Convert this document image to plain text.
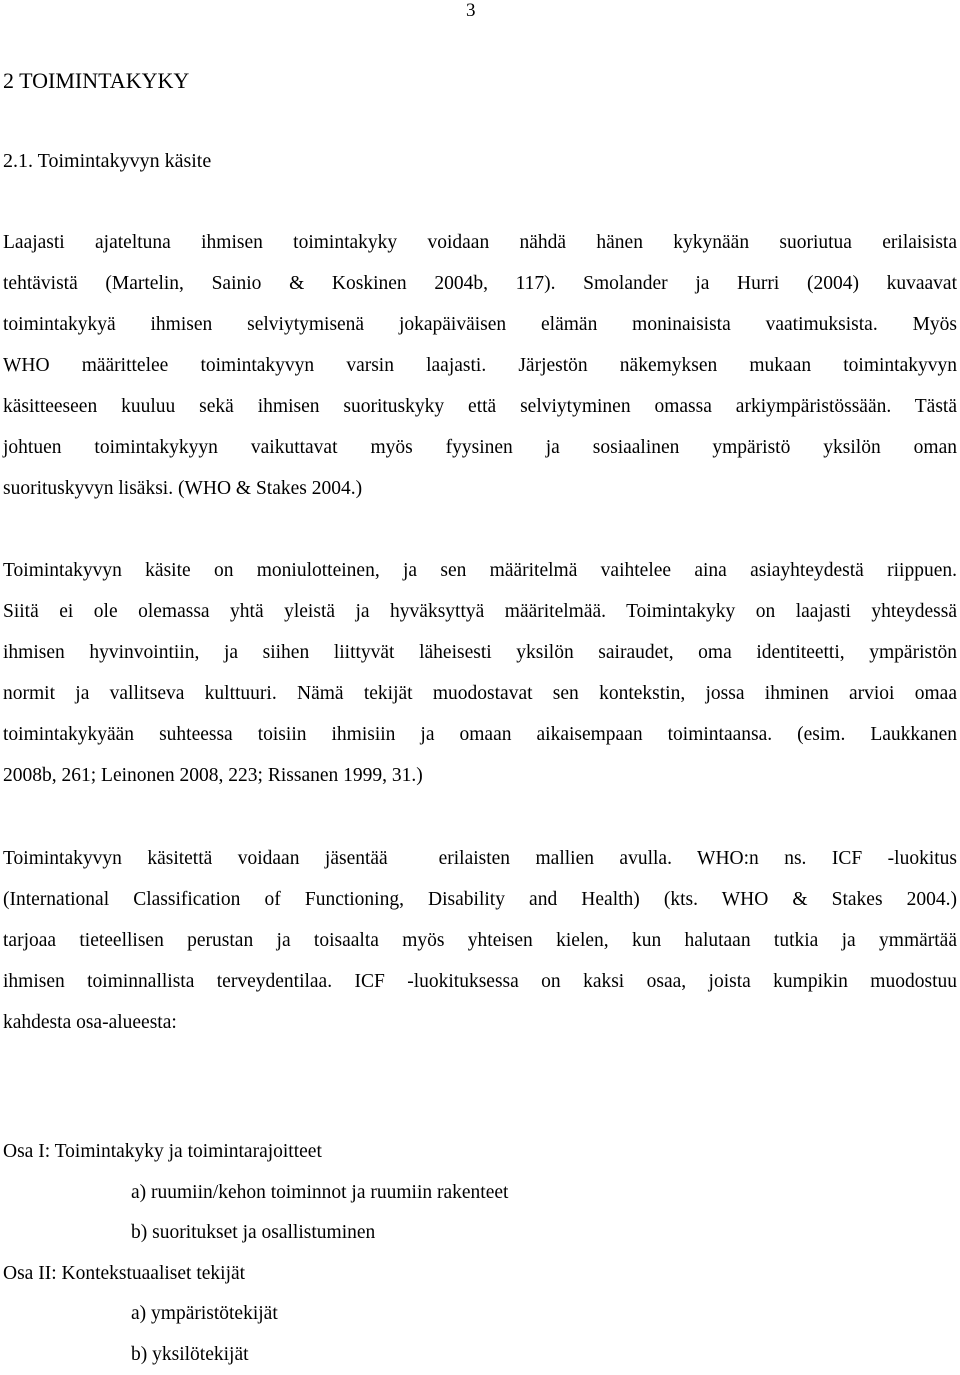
3
2 TOIMINTAKYKY
2.1. Toimintakyvyn käsite
Laajasti ajateltuna ihmisen toimintakyky voidaan nähdä hänen kykynään suoriutua erilaisista
tehtävistä (Martelin, Sainio & Koskinen 2004b, 117). Smolander ja Hurri (2004) kuvaavat
toimintakykyä ihmisen selviytymisenä jokapäiväisen elämän moninaisista vaatimuksista. Myös
WHO määrittelee toimintakyvyn varsin laajasti. Järjestön näkemyksen mukaan toimintakyvyn
käsitteeseen kuuluu sekä ihmisen suorituskyky että selviytyminen omassa arkiympäristössään. Tästä
johtuen toimintakykyyn vaikuttavat myös fyysinen ja sosiaalinen ympäristö yksilön oman
suorituskyvyn lisäksi. (WHO & Stakes 2004.)
Toimintakyvyn käsite on moniulotteinen, ja sen määritelmä vaihtelee aina asiayhteydestä riippuen.
Siitä ei ole olemassa yhtä yleistä ja hyväksyttyä määritelmää. Toimintakyky on laajasti yhteydessä
ihmisen hyvinvointiin, ja siihen liittyvät läheisesti yksilön sairaudet, oma identiteetti, ympäristön
normit ja vallitseva kulttuuri. Nämä tekijät muodostavat sen kontekstin, jossa ihminen arvioi omaa
toimintakykyään suhteessa toisiin ihmisiin ja omaan aikaisempaan toimintaansa. (esim. Laukkanen
2008b, 261; Leinonen 2008, 223; Rissanen 1999, 31.)
Toimintakyvyn käsitettä voidaan jäsentää  erilaisten mallien avulla. WHO:n ns. ICF -luokitus
(International Classification of Functioning, Disability and Health) (kts. WHO & Stakes 2004.)
tarjoaa tieteellisen perustan ja toisaalta myös yhteisen kielen, kun halutaan tutkia ja ymmärtää
ihmisen toiminnallista terveydentilaa. ICF -luokituksessa on kaksi osaa, joista kumpikin muodostuu
kahdesta osa-alueesta:
Osa I: Toimintakyky ja toimintarajoitteet
a) ruumiin/kehon toiminnot ja ruumiin rakenteet
b) suoritukset ja osallistuminen
Osa II: Kontekstuaaliset tekijät
a) ympäristötekijät
b) yksilötekijät
